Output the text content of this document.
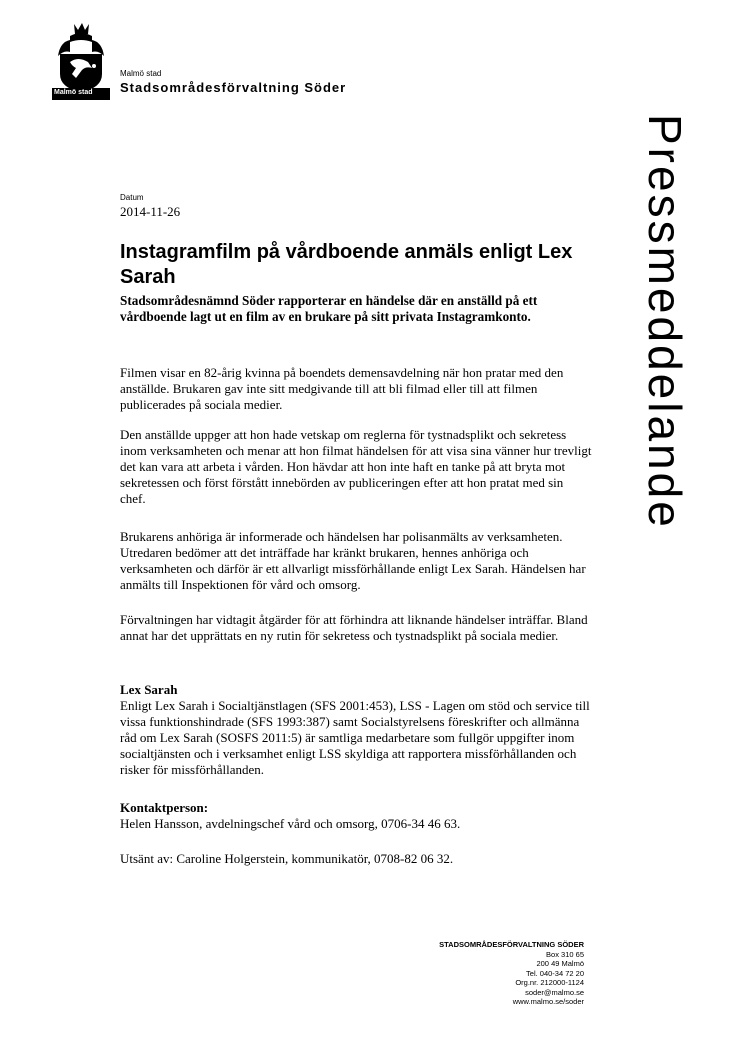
Malmö stad
Malmö stad
Stadsområdesförvaltning Söder
Pressmeddelande
Datum
2014-11-26
Instagramfilm på vårdboende anmäls enligt Lex Sarah

Stadsområdesnämnd Söder rapporterar en händelse där en anställd på ett vårdboende lagt ut en film av en brukare på sitt privata Instagramkonto.

Filmen visar en 82-årig kvinna på boendets demensavdelning när hon pratar med den anställde. Brukaren gav inte sitt medgivande till att bli filmad eller till att filmen publicerades på sociala medier.

Den anställde uppger att hon hade vetskap om reglerna för tystnadsplikt och sekretess inom verksamheten och menar att hon filmat händelsen för att visa sina vänner hur trevligt det kan vara att arbeta i vården. Hon hävdar att hon inte haft en tanke på att bryta mot sekretessen och först förstått innebörden av publiceringen efter att hon pratat med sin chef.

Brukarens anhöriga är informerade och händelsen har polisanmälts av verksamheten. Utredaren bedömer att det inträffade har kränkt brukaren, hennes anhöriga och verksamheten och därför är ett allvarligt missförhållande enligt Lex Sarah. Händelsen har anmälts till Inspektionen för vård och omsorg.

Förvaltningen har vidtagit åtgärder för att förhindra att liknande händelser inträffar. Bland annat har det upprättats en ny rutin för sekretess och tystnadsplikt på sociala medier.

Lex Sarah
Enligt Lex Sarah i Socialtjänstlagen (SFS 2001:453), LSS - Lagen om stöd och service till vissa funktionshindrade (SFS 1993:387) samt Socialstyrelsens föreskrifter och allmänna råd om Lex Sarah (SOSFS 2011:5) är samtliga medarbetare som fullgör uppgifter inom socialtjänsten och i verksamhet enligt LSS skyldiga att rapportera missförhållanden och risker för missförhållanden.
Kontaktperson:
Helen Hansson, avdelningschef vård och omsorg, 0706-34 46 63.

Utsänt av: Caroline Holgerstein, kommunikatör, 0708-82 06 32.

STADSOMRÅDESFÖRVALTNING SÖDER
Box 310 65
200 49 Malmö
Tel. 040-34 72 20
Org.nr. 212000-1124
soder@malmo.se
www.malmo.se/soder
